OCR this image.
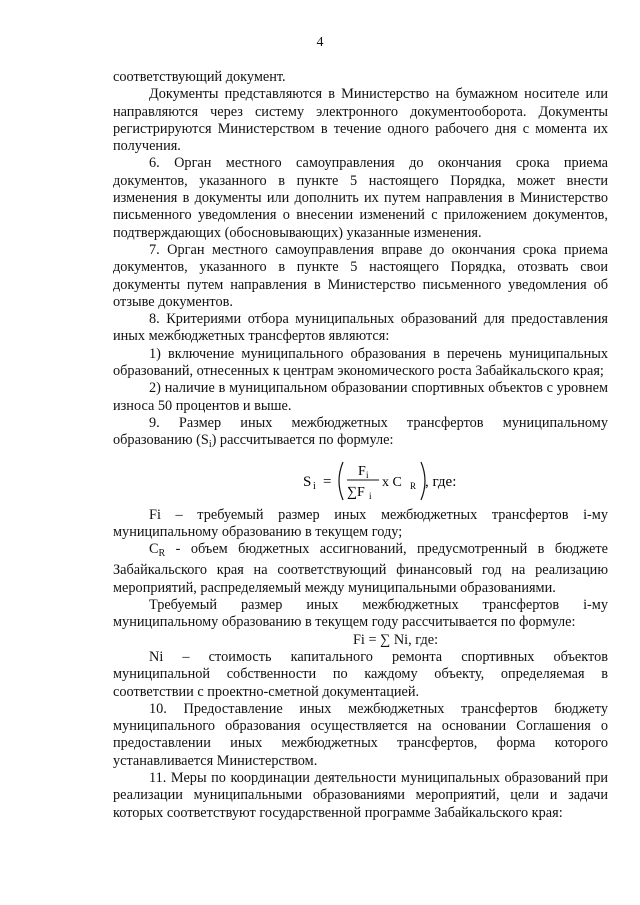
4

соответствующий документ.

Документы представляются в Министерство на бумажном носителе или направляются через систему электронного документооборота. Документы регистрируются Министерством в течение одного рабочего дня с момента их получения.

6. Орган местного самоуправления до окончания срока приема документов, указанного в пункте 5 настоящего Порядка, может внести изменения в документы или дополнить их путем направления в Министерство письменного уведомления о внесении изменений с приложением документов, подтверждающих (обосновывающих) указанные изменения.

7. Орган местного самоуправления вправе до окончания срока приема документов, указанного в пункте 5 настоящего Порядка, отозвать свои документы путем направления в Министерство письменного уведомления об отзыве документов.

8. Критериями отбора муниципальных образований для предоставления иных межбюджетных трансфертов являются:

1) включение муниципального образования в перечень муниципальных образований, отнесенных к центрам экономического роста Забайкальского края;

2) наличие в муниципальном образовании спортивных объектов с уровнем износа 50 процентов и выше.

9. Размер иных межбюджетных трансфертов муниципальному образованию $(S_i)$ рассчитывается по формуле:

S i =
F i
∑F i
x C R , где:

Fi – требуемый размер иных межбюджетных трансфертов i-му муниципальному образованию в текущем году;

$C_R$ - объем бюджетных ассигнований, предусмотренный в бюджете Забайкальского края на соответствующий финансовый год на реализацию мероприятий, распределяемый между муниципальными образованиями.

Требуемый размер иных межбюджетных трансфертов i-му муниципальному образованию в текущем году рассчитывается по формуле:

Fi = ∑ Ni, где:

Ni – стоимость капитального ремонта спортивных объектов муниципальной собственности по каждому объекту, определяемая в соответствии с проектно-сметной документацией.

10. Предоставление иных межбюджетных трансфертов бюджету муниципального образования осуществляется на основании Соглашения о предоставлении иных межбюджетных трансфертов, форма которого устанавливается Министерством.

11. Меры по координации деятельности муниципальных образований при реализации муниципальными образованиями мероприятий, цели и задачи которых соответствуют государственной программе Забайкальского края:
